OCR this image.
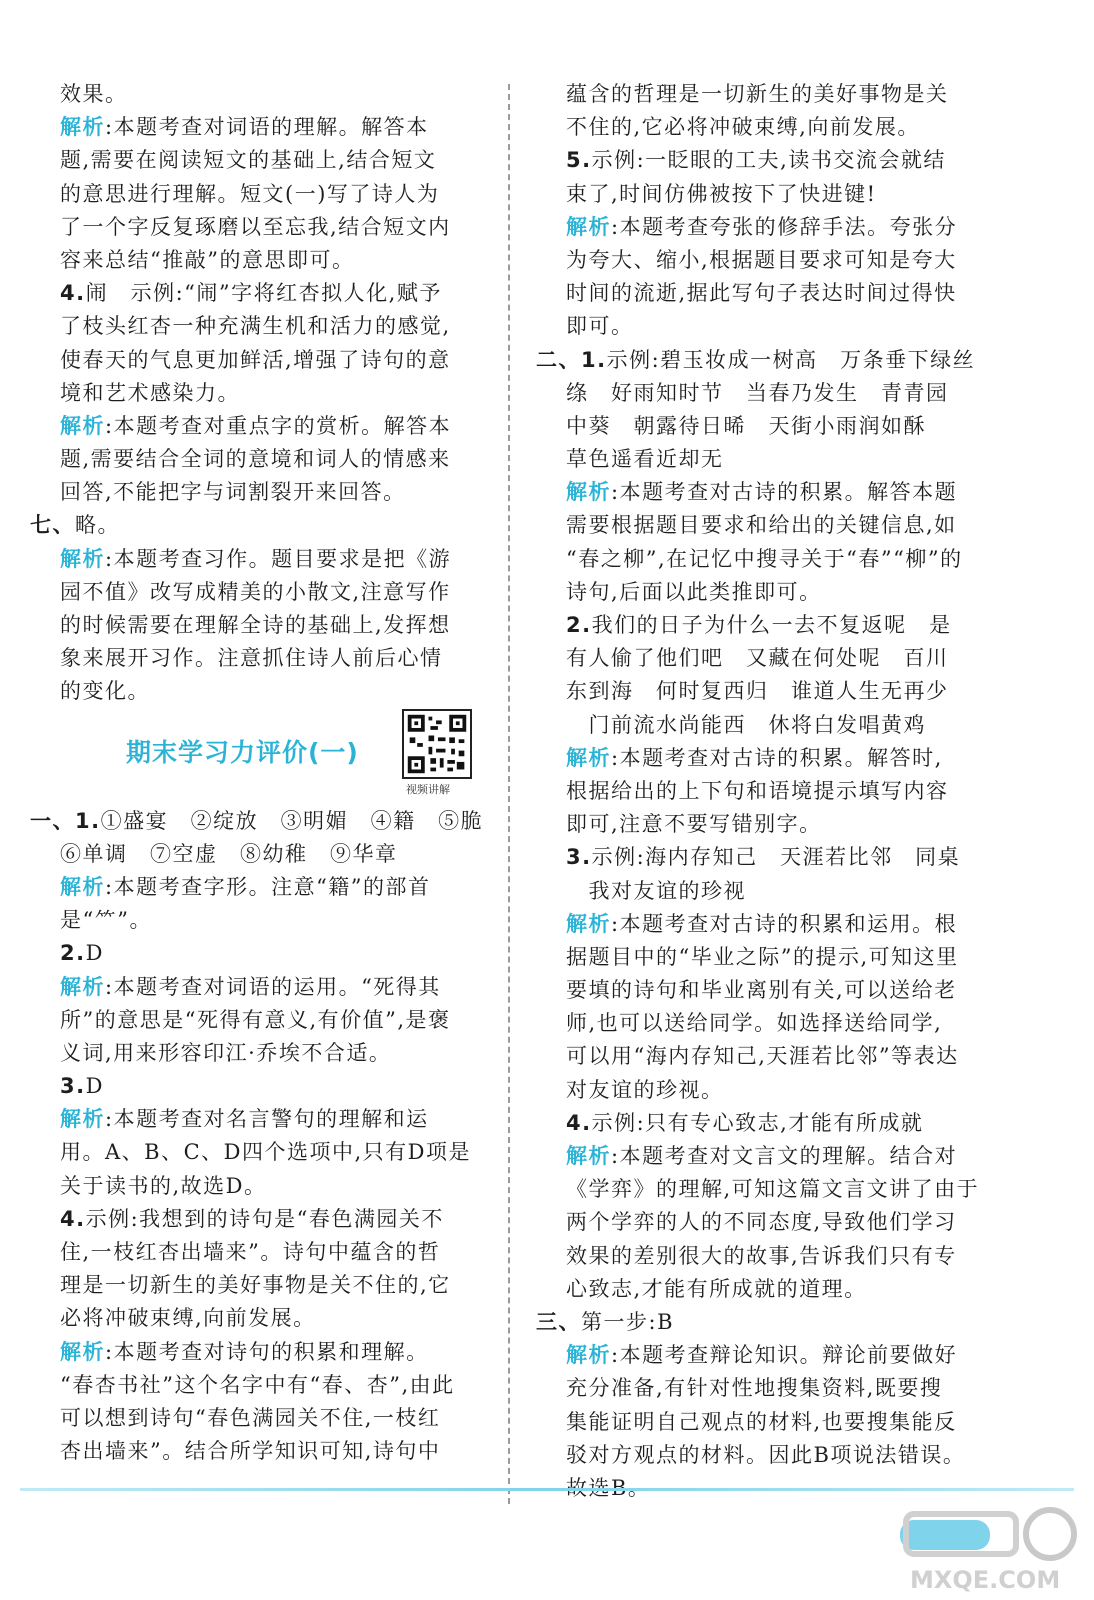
效果。
解析:本题考查对词语的理解。解答本
题,需要在阅读短文的基础上,结合短文
的意思进行理解。短文(一)写了诗人为
了一个字反复琢磨以至忘我,结合短文内
容来总结“推敲”的意思即可。
4.闹　示例:“闹”字将红杏拟人化,赋予
了枝头红杏一种充满生机和活力的感觉,
使春天的气息更加鲜活,增强了诗句的意
境和艺术感染力。
解析:本题考查对重点字的赏析。解答本
题,需要结合全词的意境和词人的情感来
回答,不能把字与词割裂开来回答。
七、略。
解析:本题考查习作。题目要求是把《游
园不值》改写成精美的小散文,注意写作
的时候需要在理解全诗的基础上,发挥想
象来展开习作。注意抓住诗人前后心情
的变化。
期末学习力评价(一)
视频讲解
一、1.①盛宴　②绽放　③明媚　④籍　⑤脆
⑥单调　⑦空虚　⑧幼稚　⑨华章
解析:本题考查字形。注意“籍”的部首
是“⺮”。
2.D
解析:本题考查对词语的运用。“死得其
所”的意思是“死得有意义,有价值”,是褒
义词,用来形容印江·乔埃不合适。
3.D
解析:本题考查对名言警句的理解和运
用。A、B、C、D四个选项中,只有D项是
关于读书的,故选D。
4.示例:我想到的诗句是“春色满园关不
住,一枝红杏出墙来”。诗句中蕴含的哲
理是一切新生的美好事物是关不住的,它
必将冲破束缚,向前发展。
解析:本题考查对诗句的积累和理解。
“春杏书社”这个名字中有“春、杏”,由此
可以想到诗句“春色满园关不住,一枝红
杏出墙来”。结合所学知识可知,诗句中
蕴含的哲理是一切新生的美好事物是关
不住的,它必将冲破束缚,向前发展。
5.示例:一眨眼的工夫,读书交流会就结
束了,时间仿佛被按下了快进键!
解析:本题考查夸张的修辞手法。夸张分
为夸大、缩小,根据题目要求可知是夸大
时间的流逝,据此写句子表达时间过得快
即可。
二、1.示例:碧玉妆成一树高　万条垂下绿丝
绦　好雨知时节　当春乃发生　青青园
中葵　朝露待日晞　天街小雨润如酥
草色遥看近却无
解析:本题考查对古诗的积累。解答本题
需要根据题目要求和给出的关键信息,如
“春之柳”,在记忆中搜寻关于“春”“柳”的
诗句,后面以此类推即可。
2.我们的日子为什么一去不复返呢　是
有人偷了他们吧　又藏在何处呢　百川
东到海　何时复西归　谁道人生无再少
　门前流水尚能西　休将白发唱黄鸡
解析:本题考查对古诗的积累。解答时,
根据给出的上下句和语境提示填写内容
即可,注意不要写错别字。
3.示例:海内存知己　天涯若比邻　同桌
　我对友谊的珍视
解析:本题考查对古诗的积累和运用。根
据题目中的“毕业之际”的提示,可知这里
要填的诗句和毕业离别有关,可以送给老
师,也可以送给同学。如选择送给同学,
可以用“海内存知己,天涯若比邻”等表达
对友谊的珍视。
4.示例:只有专心致志,才能有所成就
解析:本题考查对文言文的理解。结合对
《学弈》的理解,可知这篇文言文讲了由于
两个学弈的人的不同态度,导致他们学习
效果的差别很大的故事,告诉我们只有专
心致志,才能有所成就的道理。
三、第一步:B
解析:本题考查辩论知识。辩论前要做好
充分准备,有针对性地搜集资料,既要搜
集能证明自己观点的材料,也要搜集能反
驳对方观点的材料。因此B项说法错误。
MXQE.COM
